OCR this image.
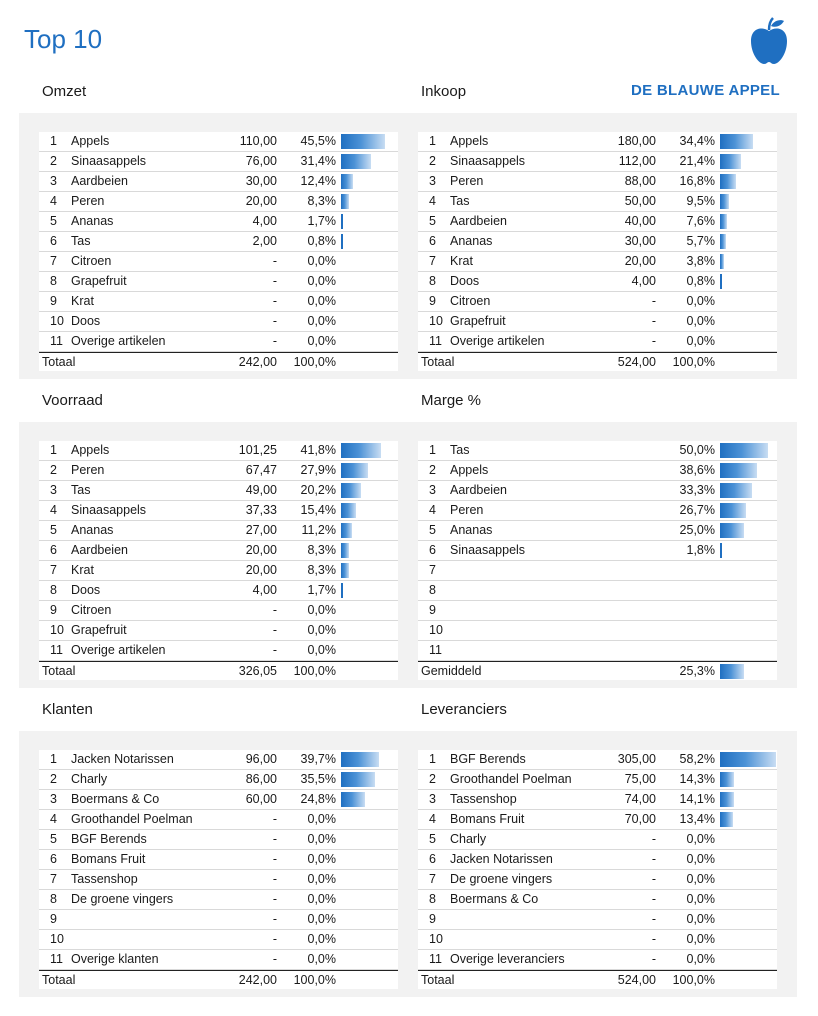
Top 10
DE BLAUWE APPEL
Omzet	Inkoop
Voorraad	Marge %
Klanten	Leveranciers
1 Appels	110,00 45,5%
2 Sinaasappels	76,00 31,4%
3 Aardbeien	30,00 12,4%
4 Peren	20,00 8,3%
5 Ananas	4,00 1,7%
6 Tas	2,00 0,8%
7 Citroen	- 0,0%
8 Grapefruit	- 0,0%
9 Krat	- 0,0%
10 Doos	- 0,0%
11 Overige artikelen	- 0,0%
Totaal	242,00 100,0%
1 Appels	180,00 34,4%
2 Sinaasappels	112,00 21,4%
3 Peren	88,00 16,8%
4 Tas	50,00 9,5%
5 Aardbeien	40,00 7,6%
6 Ananas	30,00 5,7%
7 Krat	20,00 3,8%
8 Doos	4,00 0,8%
9 Citroen	- 0,0%
10 Grapefruit	- 0,0%
11 Overige artikelen	- 0,0%
Totaal	524,00 100,0%
1 Appels	101,25 41,8%
2 Peren	67,47 27,9%
3 Tas	49,00 20,2%
4 Sinaasappels	37,33 15,4%
5 Ananas	27,00 11,2%
6 Aardbeien	20,00 8,3%
7 Krat	20,00 8,3%
8 Doos	4,00 1,7%
9 Citroen	- 0,0%
10 Grapefruit	- 0,0%
11 Overige artikelen	- 0,0%
Totaal	326,05 100,0%
1 Tas	50,0%
2 Appels	38,6%
3 Aardbeien	33,3%
4 Peren	26,7%
5 Ananas	25,0%
6 Sinaasappels	1,8%
7
8
9
10
11
Gemiddeld	25,3%
1 Jacken Notarissen	96,00 39,7%
2 Charly	86,00 35,5%
3 Boermans & Co	60,00 24,8%
4 Groothandel Poelman	- 0,0%
5 BGF Berends	- 0,0%
6 Bomans Fruit	- 0,0%
7 Tassenshop	- 0,0%
8 De groene vingers	- 0,0%
9	- 0,0%
10	- 0,0%
11 Overige klanten	- 0,0%
Totaal	242,00 100,0%
1 BGF Berends	305,00 58,2%
2 Groothandel Poelman	75,00 14,3%
3 Tassenshop	74,00 14,1%
4 Bomans Fruit	70,00 13,4%
5 Charly	- 0,0%
6 Jacken Notarissen	- 0,0%
7 De groene vingers	- 0,0%
8 Boermans & Co	- 0,0%
9	- 0,0%
10	- 0,0%
11 Overige leveranciers	- 0,0%
Totaal	524,00 100,0%
